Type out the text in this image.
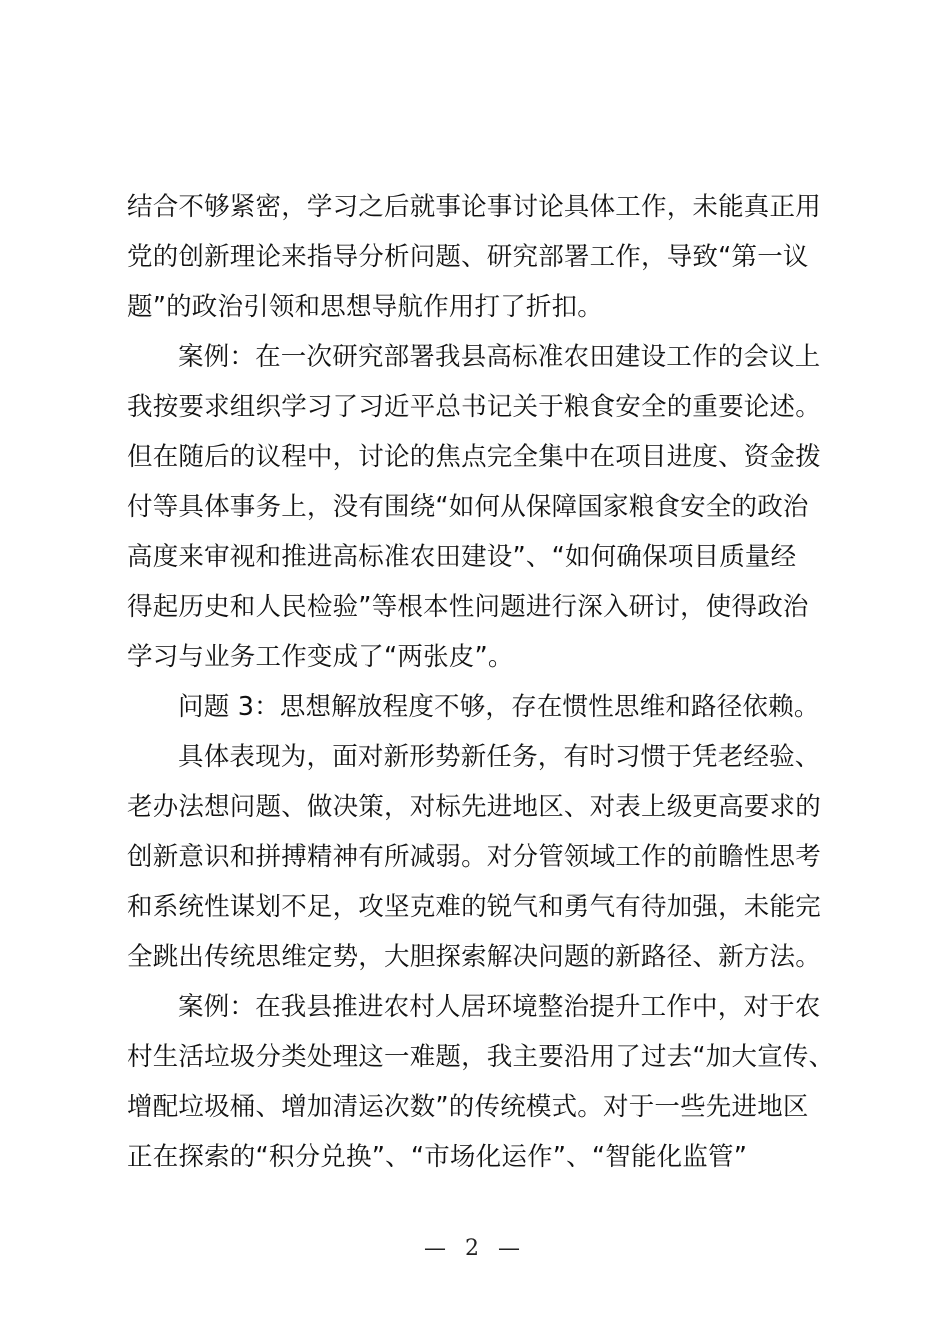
结合不够紧密，学习之后就事论事讨论具体工作，未能真正用
党的创新理论来指导分析问题、研究部署工作，导致“第一议
题”的政治引领和思想导航作用打了折扣。
案例：在一次研究部署我县高标准农田建设工作的会议上
我按要求组织学习了习近平总书记关于粮食安全的重要论述。
但在随后的议程中，讨论的焦点完全集中在项目进度、资金拨
付等具体事务上，没有围绕“如何从保障国家粮食安全的政治
高度来审视和推进高标准农田建设”、“如何确保项目质量经
得起历史和人民检验”等根本性问题进行深入研讨，使得政治
学习与业务工作变成了“两张皮”。
问题 3：思想解放程度不够，存在惯性思维和路径依赖。
具体表现为，面对新形势新任务，有时习惯于凭老经验、
老办法想问题、做决策，对标先进地区、对表上级更高要求的
创新意识和拼搏精神有所减弱。对分管领域工作的前瞻性思考
和系统性谋划不足，攻坚克难的锐气和勇气有待加强，未能完
全跳出传统思维定势，大胆探索解决问题的新路径、新方法。
案例：在我县推进农村人居环境整治提升工作中，对于农
村生活垃圾分类处理这一难题，我主要沿用了过去“加大宣传、
增配垃圾桶、增加清运次数”的传统模式。对于一些先进地区
正在探索的“积分兑换”、“市场化运作”、“智能化监管”
— 2 —
